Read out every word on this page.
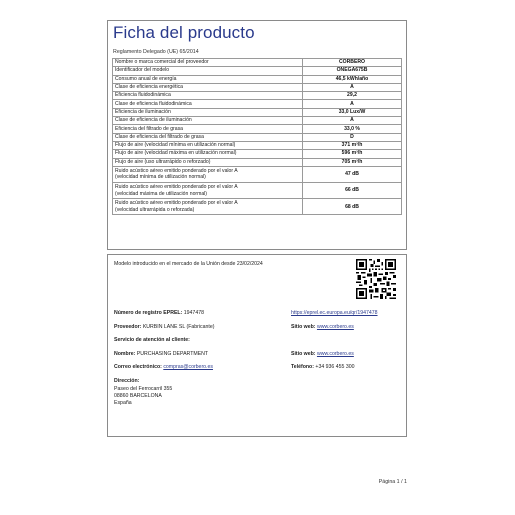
Ficha del producto
Reglamento Delegado (UE) 65/2014
Nombre o marca comercial del proveedor	CORBERO
Identificador del modelo	ONEGA675B
Consumo anual de energía	46,5 kWh/año
Clase de eficiencia energética	A
Eficiencia fluidodinámica	29,2
Clase de eficiencia fluidodinámica	A
Eficiencia de iluminación	33,0 Lux/W
Clase de eficiencia de iluminación	A
Eficiencia del filtrado de grasa	33,0 %
Clase de eficiencia del filtrado de grasa	D
Flujo de aire (velocidad mínima en utilización normal)	371 m³/h
Flujo de aire (velocidad máxima en utilización normal)	596 m³/h
Flujo de aire (uso ultrarrápido o reforzado)	705 m³/h
Ruido acústico aéreo emitido ponderado por el valor A
(velocidad mínima de utilización normal)	47 dB
Ruido acústico aéreo emitido ponderado por el valor A
(velocidad máxima de utilización normal)	66 dB
Ruido acústico aéreo emitido ponderado por el valor A
(velocidad ultrarrápida o reforzada)	68 dB
Modelo introducido en el mercado de la Unión desde 23/02/2024
Número de registro EPREL: 1947478	https://eprel.ec.europa.eu/qr/1947478
Proveedor: KURBIN LANE SL (Fabricante)	Sitio web: www.corbero.es
Servicio de atención al cliente:
Nombre: PURCHASING DEPARTMENT	Sitio web: www.corbero.es
Correo electrónico: compras@corbero.es	Teléfono: +34 936 455 300
Dirección:
Paseo del Ferrocarril 355
08860 BARCELONA
España
Página 1 / 1
